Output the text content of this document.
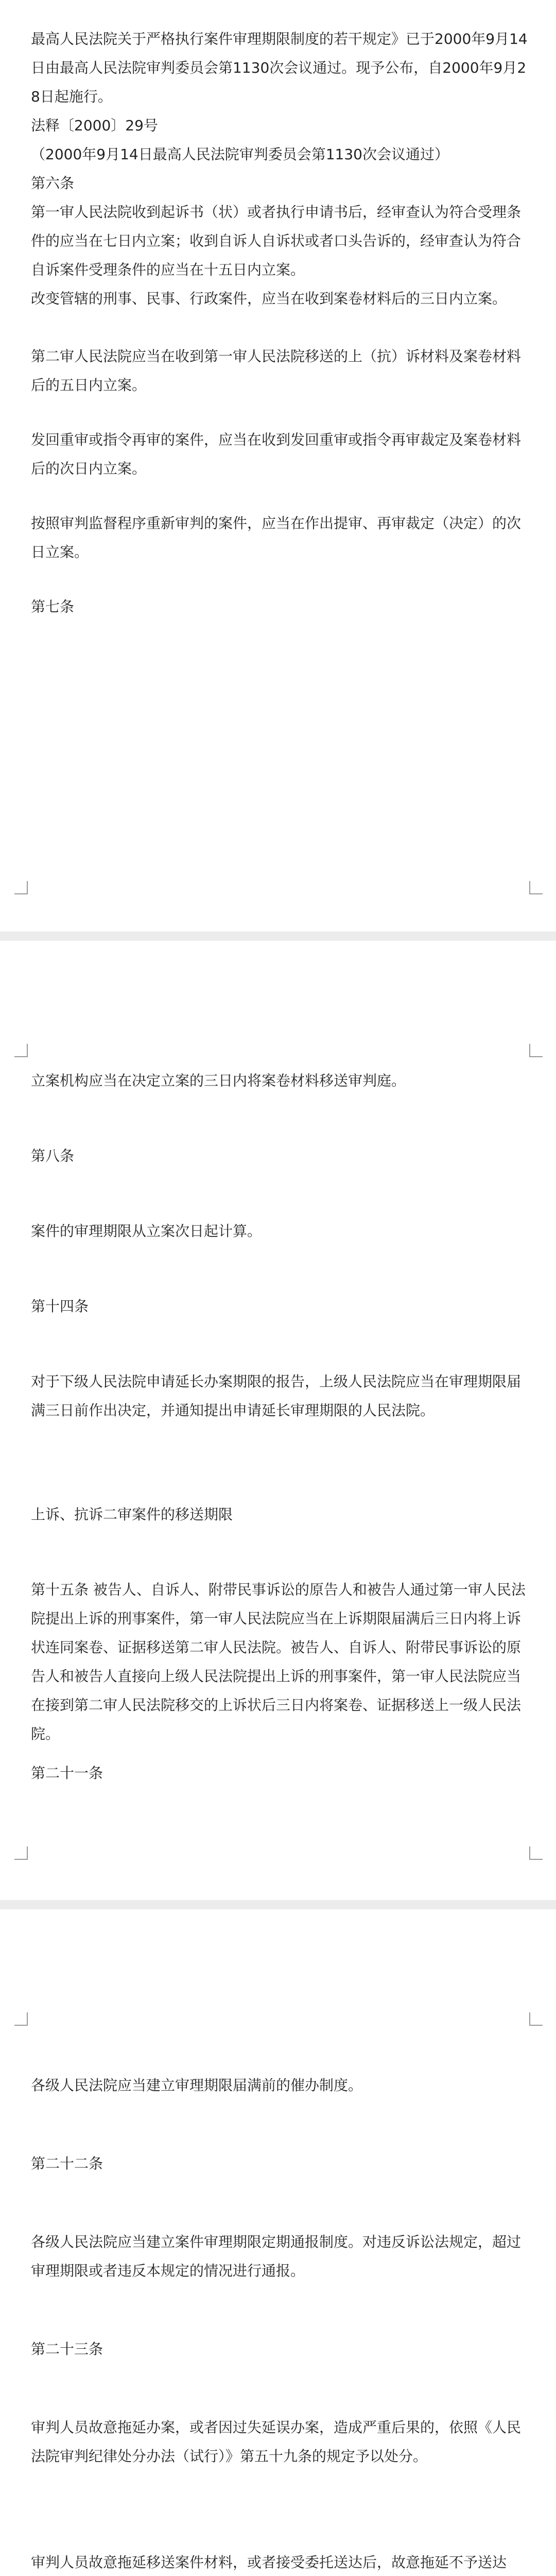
最高人民法院关于严格执行案件审理期限制度的若干规定》已于2000年9月14日由最高人民法院审判委员会第1130次会议通过。现予公布，自2000年9月28日起施行。

法释〔2000〕29号

（2000年9月14日最高人民法院审判委员会第1130次会议通过）

第六条

第一审人民法院收到起诉书（状）或者执行申请书后，经审查认为符合受理条件的应当在七日内立案；收到自诉人自诉状或者口头告诉的，经审查认为符合自诉案件受理条件的应当在十五日内立案。

改变管辖的刑事、民事、行政案件，应当在收到案卷材料后的三日内立案。

第二审人民法院应当在收到第一审人民法院移送的上（抗）诉材料及案卷材料后的五日内立案。

发回重审或指令再审的案件，应当在收到发回重审或指令再审裁定及案卷材料后的次日内立案。

按照审判监督程序重新审判的案件，应当在作出提审、再审裁定（决定）的次日立案。

第七条

立案机构应当在决定立案的三日内将案卷材料移送审判庭。

第八条

案件的审理期限从立案次日起计算。

第十四条

对于下级人民法院申请延长办案期限的报告，上级人民法院应当在审理期限届满三日前作出决定，并通知提出申请延长审理期限的人民法院。

上诉、抗诉二审案件的移送期限

第十五条 被告人、自诉人、附带民事诉讼的原告人和被告人通过第一审人民法院提出上诉的刑事案件，第一审人民法院应当在上诉期限届满后三日内将上诉状连同案卷、证据移送第二审人民法院。被告人、自诉人、附带民事诉讼的原告人和被告人直接向上级人民法院提出上诉的刑事案件，第一审人民法院应当在接到第二审人民法院移交的上诉状后三日内将案卷、证据移送上一级人民法院。

第二十一条

各级人民法院应当建立审理期限届满前的催办制度。

第二十二条

各级人民法院应当建立案件审理期限定期通报制度。对违反诉讼法规定，超过审理期限或者违反本规定的情况进行通报。

第二十三条

审判人员故意拖延办案，或者因过失延误办案，造成严重后果的，依照《人民法院审判纪律处分办法（试行）》第五十九条的规定予以处分。

审判人员故意拖延移送案件材料，或者接受委托送达后，故意拖延不予送达
